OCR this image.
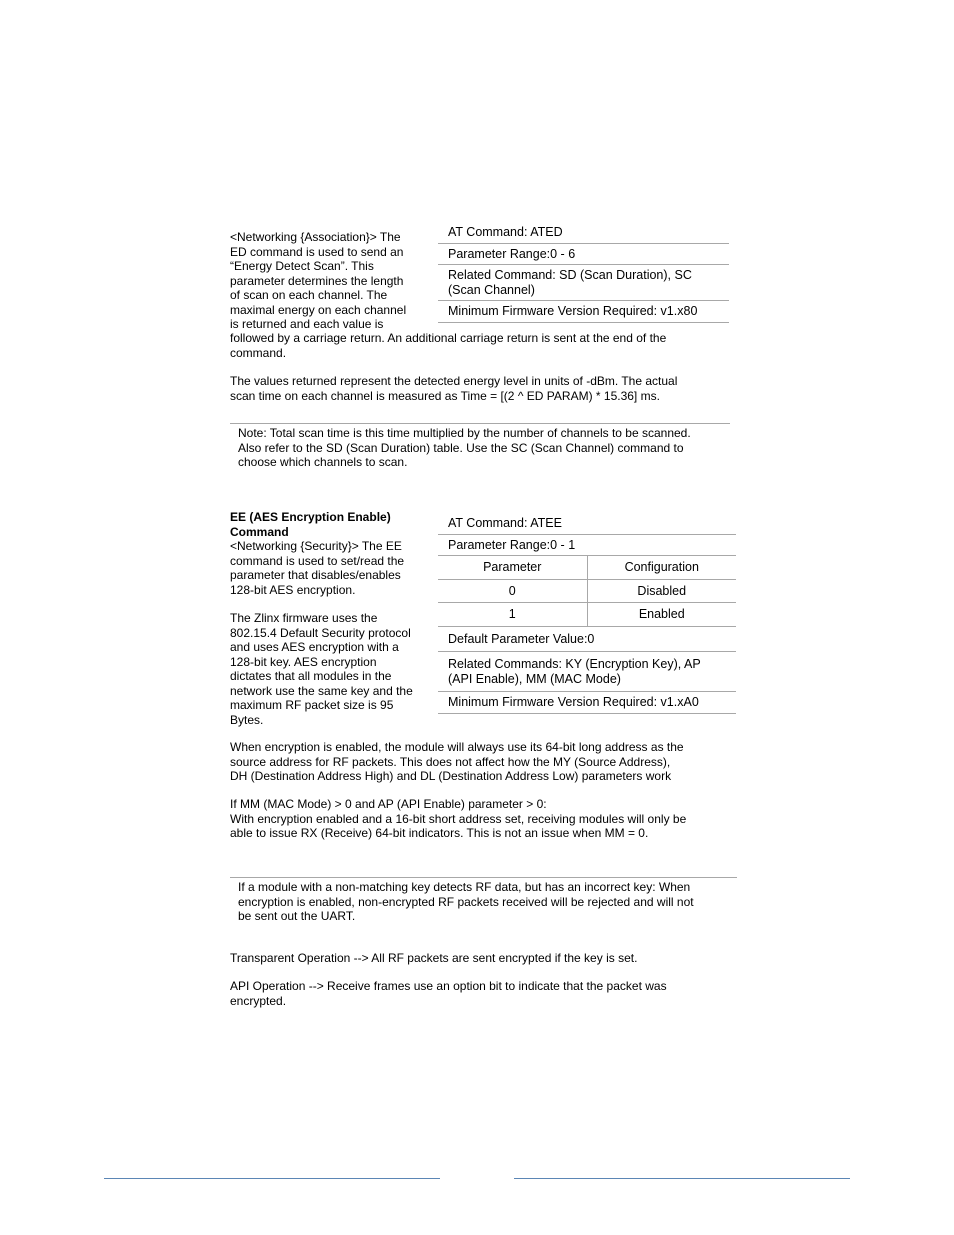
<Networking {Association}> The

ED command is used to send an

“Energy Detect Scan”. This

parameter determines the length

of scan on each channel. The

maximal energy on each channel

is returned and each value is

followed by a carriage return. An additional carriage return is sent at the end of the

command.

The values returned represent the detected energy level in units of -dBm. The actual

scan time on each channel is measured as Time = [(2 ^ ED PARAM) * 15.36] ms.

AT Command: ATED
Parameter Range:0 - 6
Related Command: SD (Scan Duration), SC
(Scan Channel)
Minimum Firmware Version Required: v1.x80

Note: Total scan time is this time multiplied by the number of channels to be scanned.

Also refer to the SD (Scan Duration) table. Use the SC (Scan Channel) command to

choose which channels to scan.

EE (AES Encryption Enable)

Command

<Networking {Security}> The EE

command is used to set/read the

parameter that disables/enables

128-bit AES encryption.

The Zlinx firmware uses the

802.15.4 Default Security protocol

and uses AES encryption with a

128-bit key. AES encryption

dictates that all modules in the

network use the same key and the

maximum RF packet size is 95

Bytes.

AT Command: ATEE
Parameter Range:0 - 1
Parameter	Configuration
0	Disabled
1	Enabled
Default Parameter Value:0
Related Commands: KY (Encryption Key), AP
(API Enable), MM (MAC Mode)
Minimum Firmware Version Required: v1.xA0

When encryption is enabled, the module will always use its 64-bit long address as the

source address for RF packets. This does not affect how the MY (Source Address),

DH (Destination Address High) and DL (Destination Address Low) parameters work

If MM (MAC Mode) > 0 and AP (API Enable) parameter > 0:

With encryption enabled and a 16-bit short address set, receiving modules will only be

able to issue RX (Receive) 64-bit indicators. This is not an issue when MM = 0.

If a module with a non-matching key detects RF data, but has an incorrect key: When

encryption is enabled, non-encrypted RF packets received will be rejected and will not

be sent out the UART.

Transparent Operation --> All RF packets are sent encrypted if the key is set.

API Operation --> Receive frames use an option bit to indicate that the packet was

encrypted.
